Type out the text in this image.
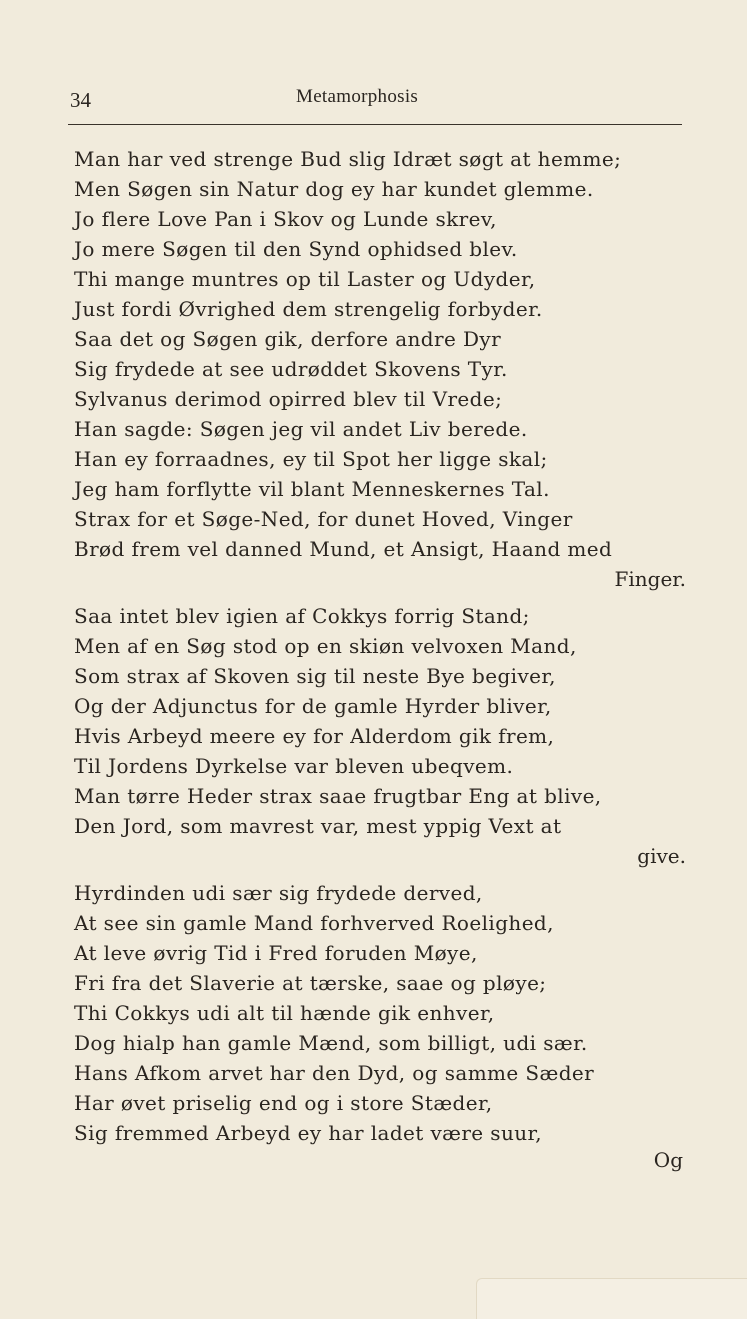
34	Metamorphosis
Man har ved strenge Bud slig Idræt søgt at hemme;
Men Søgen sin Natur dog ey har kundet glemme.
Jo flere Love Pan i Skov og Lunde skrev,
Jo mere Søgen til den Synd ophidsed blev.
Thi mange muntres op til Laster og Udyder,
Just fordi Øvrighed dem strengelig forbyder.
Saa det og Søgen gik, derfore andre Dyr
Sig frydede at see udrøddet Skovens Tyr.
Sylvanus derimod opirred blev til Vrede;
Han sagde: Søgen jeg vil andet Liv berede.
Han ey forraadnes, ey til Spot her ligge skal;
Jeg ham forflytte vil blant Menneskernes Tal.
Strax for et Søge-Ned, for dunet Hoved, Vinger
Brød frem vel danned Mund, et Ansigt, Haand med
Finger.
Saa intet blev igien af Cokkys forrig Stand;
Men af en Søg stod op en skiøn velvoxen Mand,
Som strax af Skoven sig til neste Bye begiver,
Og der Adjunctus for de gamle Hyrder bliver,
Hvis Arbeyd meere ey for Alderdom gik frem,
Til Jordens Dyrkelse var bleven ubeqvem.
Man tørre Heder strax saae frugtbar Eng at blive,
Den Jord, som mavrest var, mest yppig Vext at
give.
Hyrdinden udi sær sig frydede derved,
At see sin gamle Mand forhverved Roelighed,
At leve øvrig Tid i Fred foruden Møye,
Fri fra det Slaverie at tærske, saae og pløye;
Thi Cokkys udi alt til hænde gik enhver,
Dog hialp han gamle Mænd, som billigt, udi sær.
Hans Afkom arvet har den Dyd, og samme Sæder
Har øvet priselig end og i store Stæder,
Sig fremmed Arbeyd ey har ladet være suur,
Og
